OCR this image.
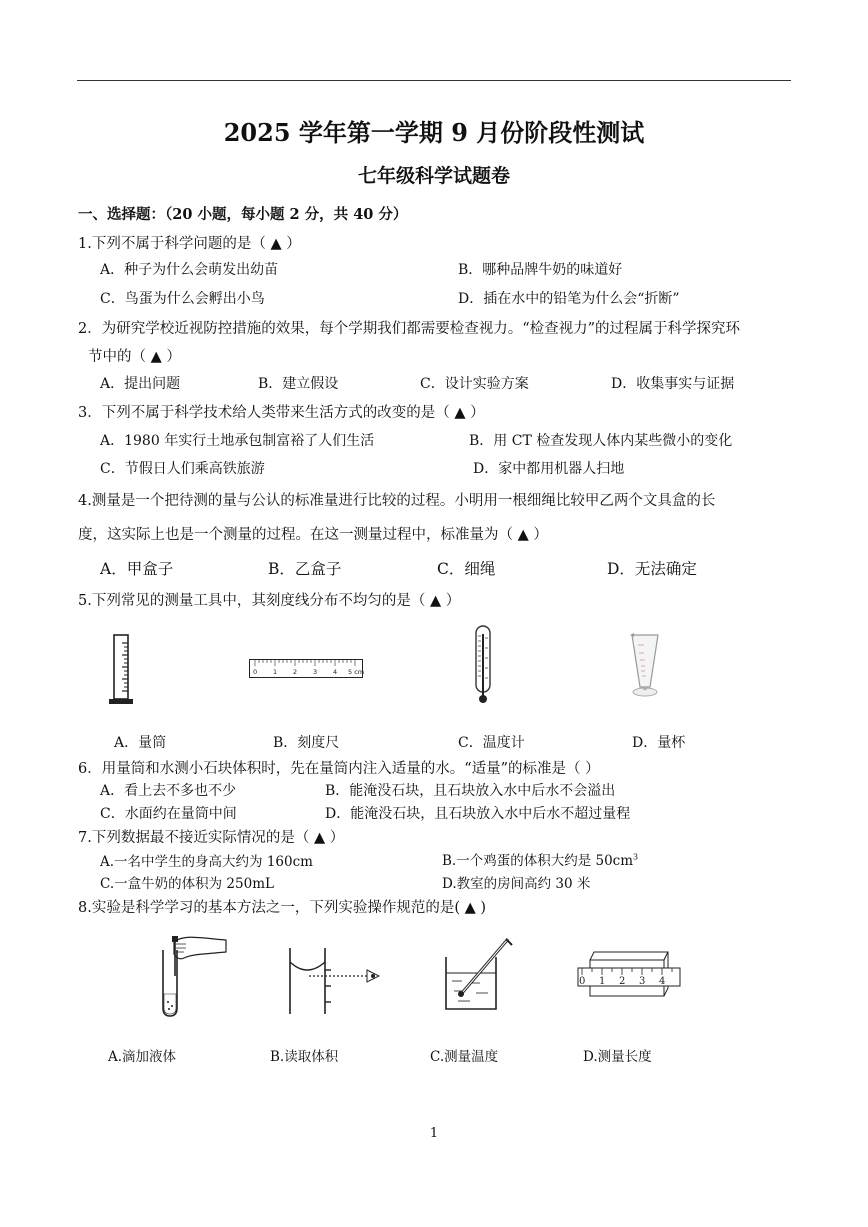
2025 学年第一学期 9 月份阶段性测试
七年级科学试题卷
一、选择题：（20 小题，每小题 2 分，共 40 分）
1.下列不属于科学问题的是（ ▲ ）
A．种子为什么会萌发出幼苗	B．哪种品牌牛奶的味道好
C．鸟蛋为什么会孵出小鸟	D．插在水中的铅笔为什么会“折断”
2．为研究学校近视防控措施的效果，每个学期我们都需要检查视力。“检查视力”的过程属于科学探究环
节中的（ ▲ ）
A．提出问题	B．建立假设	C．设计实验方案	D．收集事实与证据
3．下列不属于科学技术给人类带来生活方式的改变的是（ ▲ ）
A．1980 年实行土地承包制富裕了人们生活	B．用 CT 检查发现人体内某些微小的变化
C．节假日人们乘高铁旅游	D．家中都用机器人扫地
4.测量是一个把待测的量与公认的标准量进行比较的过程。小明用一根细绳比较甲乙两个文具盒的长
度，这实际上也是一个测量的过程。在这一测量过程中，标准量为（ ▲ ）
A．甲盒子	B．乙盒子	C．细绳	D．无法确定
5.下列常见的测量工具中，其刻度线分布不均匀的是（ ▲ ）
0 1 2 3 4 5 cm
A．量筒	B．刻度尺	C．温度计	D．量杯
6．用量筒和水测小石块体积时，先在量筒内注入适量的水。“适量”的标准是（ ）
A．看上去不多也不少	B．能淹没石块，且石块放入水中后水不会溢出
C．水面约在量筒中间	D．能淹没石块，且石块放入水中后水不超过量程
7.下列数据最不接近实际情况的是（ ▲ ）
A.一名中学生的身高大约为 160cm	B.一个鸡蛋的体积大约是 $50cm^3$
C.一盒牛奶的体积为 250mL	D.教室的房间高约 30 米
8.实验是科学学习的基本方法之一，下列实验操作规范的是( ▲ )
0 1 2 3 4
A.滴加液体	B.读取体积	C.测量温度	D.测量长度
1
